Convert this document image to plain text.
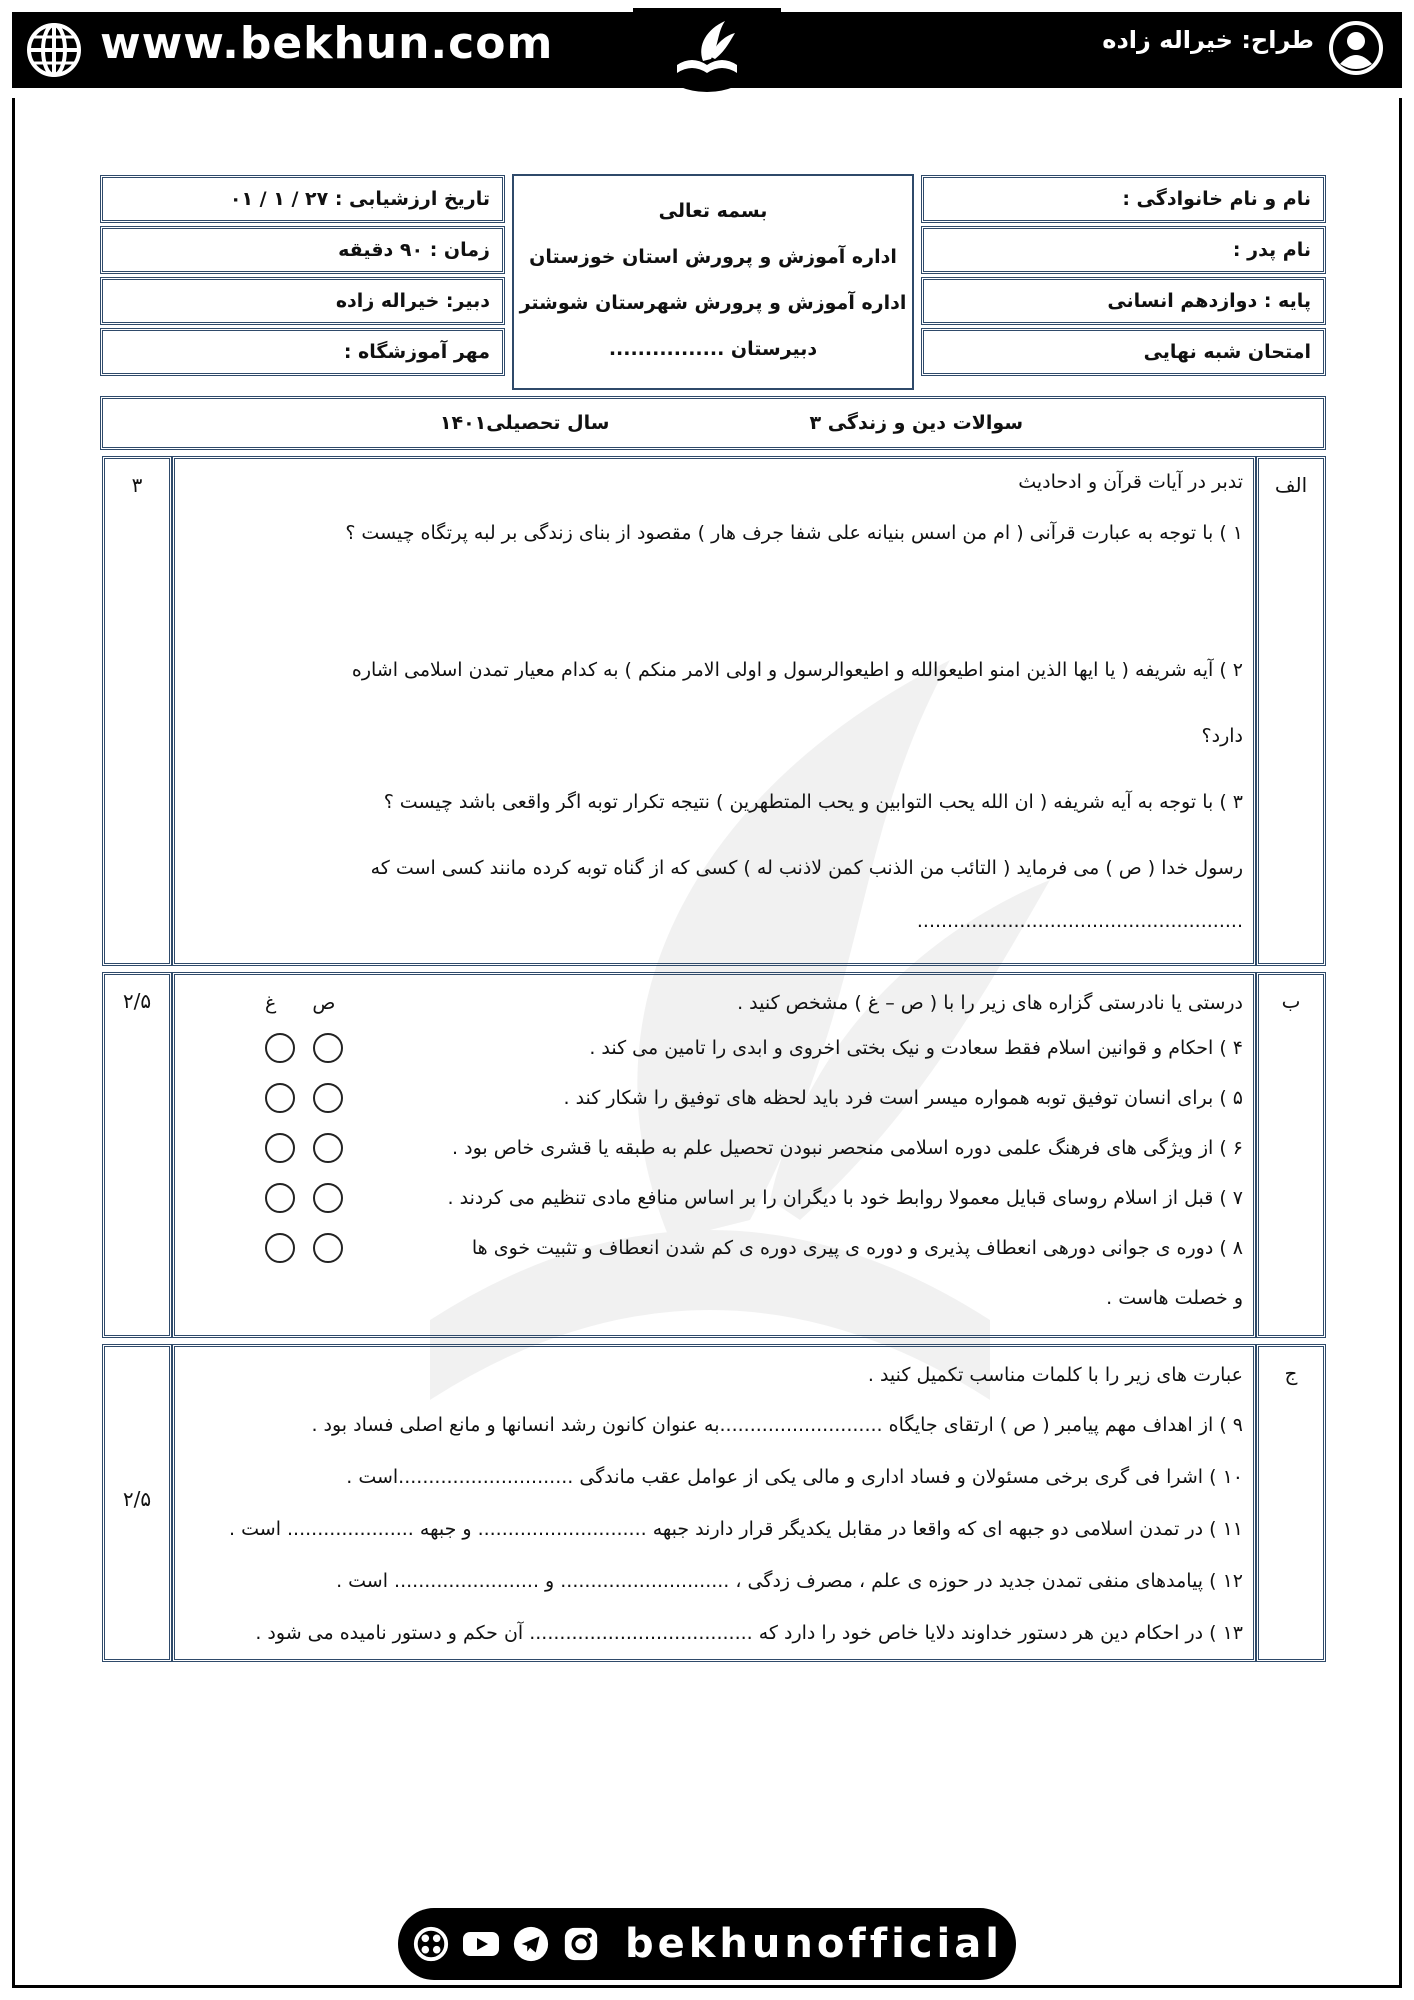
www.bekhun.com	طراح: خیراله زاده
نام و نام خانوادگی :
نام پدر :
پایه : دوازدهم انسانی
امتحان شبه نهایی
بسمه تعالی
اداره آموزش و پرورش استان خوزستان
اداره آموزش و پرورش شهرستان شوشتر
دبیرستان ................
تاریخ ارزشیابی : ۲۷ / ۱ / ۰۱
زمان : ۹۰ دقیقه
دبیر: خیراله زاده
مهر آموزشگاه :
سوالات دین و زندگی ۳
سال تحصیلی۱۴۰۱
الف
تدبر در آیات قرآن و ادحادیث
۱ ) با توجه به عبارت قرآنی ( ام من اسس بنیانه علی شفا جرف هار ) مقصود از بنای زندگی بر لبه پرتگاه چیست ؟
۲ ) آیه شریفه ( یا ایها الذین امنو اطیعوالله و اطیعوالرسول و اولی الامر منکم ) به کدام معیار تمدن اسلامی اشاره
دارد؟
۳ ) با توجه به آیه شریفه ( ان الله یحب التوابین و یحب المتطهرین ) نتیجه تکرار توبه اگر واقعی باشد چیست ؟
رسول خدا ( ص ) می فرماید ( التائب من الذنب کمن لاذنب له ) کسی که از گناه توبه کرده مانند کسی است که
......................................................
۳
ب
درستی یا نادرستی گزاره های زیر را با ( ص – غ ) مشخص کنید .
غ ص
۴ ) احکام و قوانین اسلام فقط سعادت و نیک بختی اخروی و ابدی را تامین می کند .
۵ ) برای انسان توفیق توبه همواره میسر است فرد باید لحظه های توفیق را شکار کند .
۶ ) از ویژگی های فرهنگ علمی دوره اسلامی منحصر نبودن تحصیل علم به طبقه یا قشری خاص بود .
۷ ) قبل از اسلام روسای قبایل معمولا روابط خود با دیگران را بر اساس منافع مادی تنظیم می کردند .
۸ ) دوره ی جوانی دورهی انعطاف پذیری و دوره ی پیری دوره ی کم شدن انعطاف و تثبیت خوی ها
و خصلت هاست .
۲/۵
ج
عبارت های زیر را با کلمات مناسب تکمیل کنید .
۹ ) از اهداف مهم پیامبر ( ص ) ارتقای جایگاه ...........................به عنوان کانون رشد انسانها و مانع اصلی فساد بود .
۱۰ ) اشرا فی گری برخی مسئولان و فساد اداری و مالی یکی از عوامل عقب ماندگی .............................است .
۱۱ ) در تمدن اسلامی دو جبهه ای که واقعا در مقابل یکدیگر قرار دارند جبهه ............................ و جبهه ..................... است .
۱۲ ) پیامدهای منفی تمدن جدید در حوزه ی علم ، مصرف زدگی ، ............................ و ........................ است .
۱۳ ) در احکام دین هر دستور خداوند دلایا خاص خود را دارد که ..................................... آن حکم و دستور نامیده می شود .
۲/۵
bekhunofficial
